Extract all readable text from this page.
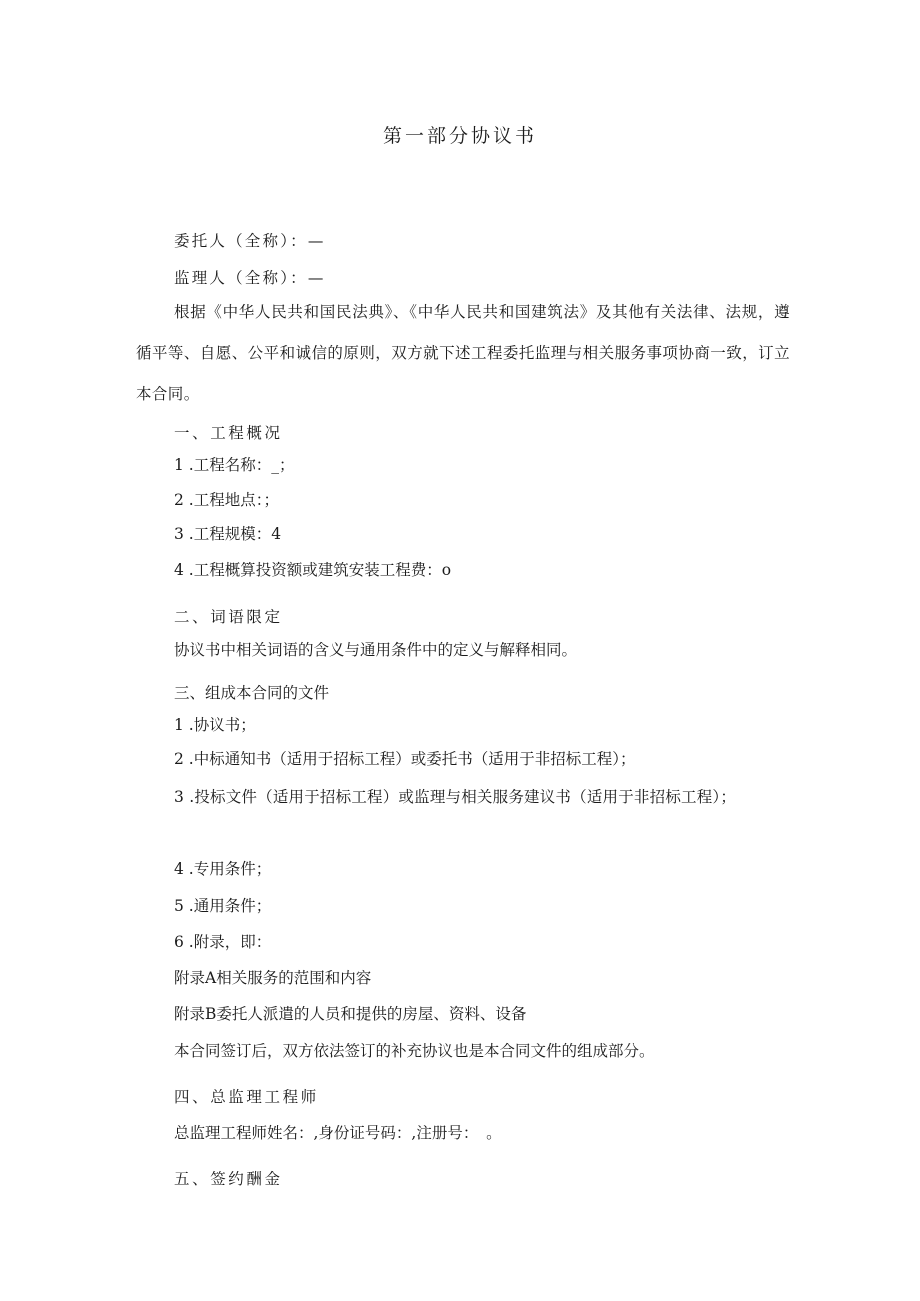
第一部分协议书
委托人（全称）：—
监理人（全称）：—
根据《中华人民共和国民法典》、《中华人民共和国建筑法》及其他有关法律、法规，遵循平等、自愿、公平和诚信的原则，双方就下述工程委托监理与相关服务事项协商一致，订立本合同。
一、工程概况
1 .工程名称：_；
2 .工程地点：；
3 .工程规模：4
4 .工程概算投资额或建筑安装工程费：o
二、词语限定
协议书中相关词语的含义与通用条件中的定义与解释相同。
三、组成本合同的文件
1 .协议书；
2 .中标通知书（适用于招标工程）或委托书（适用于非招标工程）；
3 .投标文件（适用于招标工程）或监理与相关服务建议书（适用于非招标工程）；
4 .专用条件；
5 .通用条件；
6 .附录，即：
附录A相关服务的范围和内容
附录B委托人派遣的人员和提供的房屋、资料、设备
本合同签订后，双方依法签订的补充协议也是本合同文件的组成部分。
四、总监理工程师
总监理工程师姓名：,身份证号码：,注册号：　。
五、签约酬金
